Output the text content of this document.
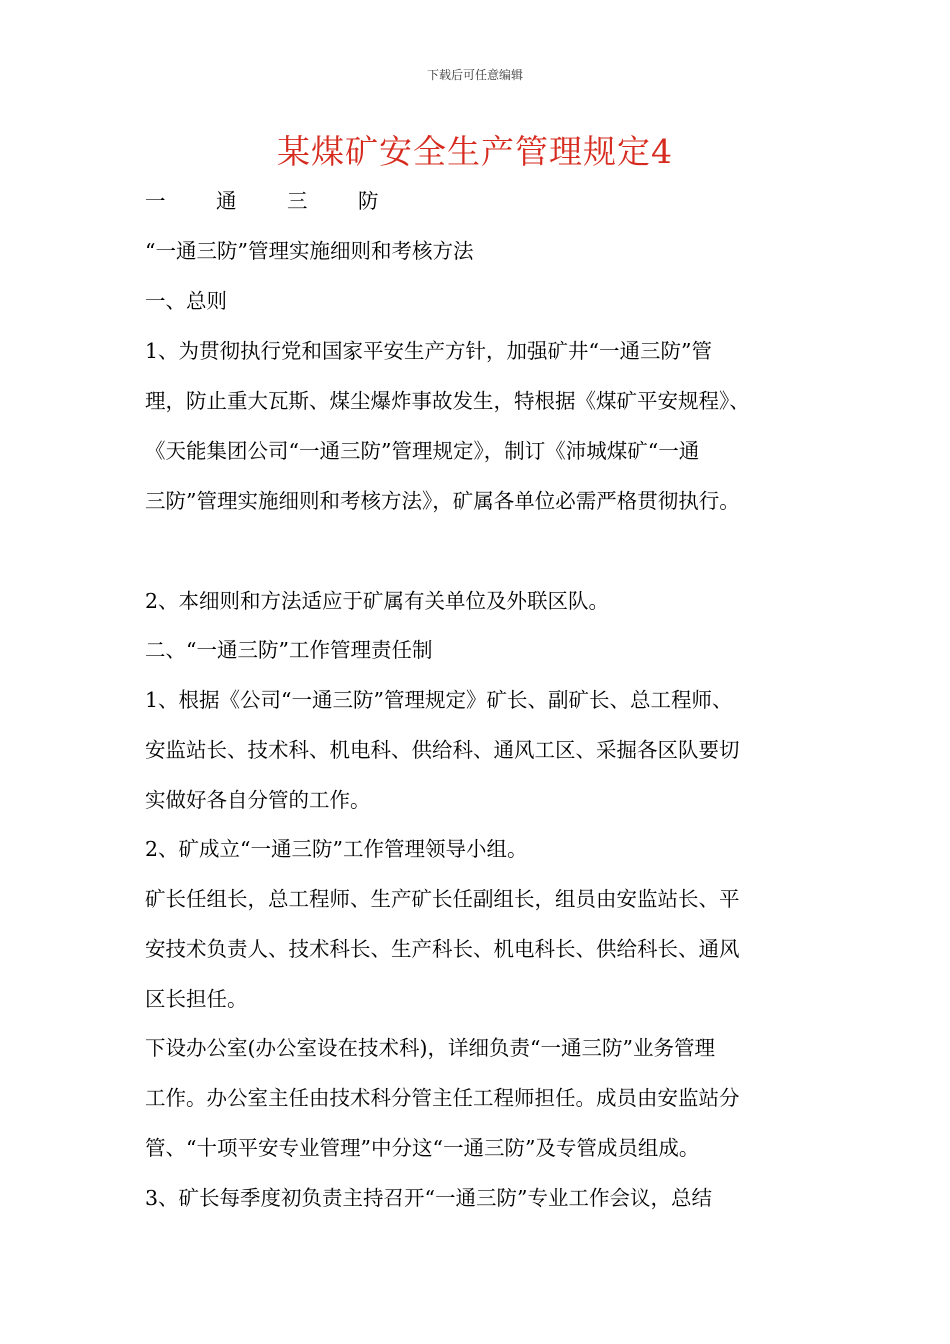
下载后可任意编辑
某煤矿安全生产管理规定4
一 通 三 防
“一通三防”管理实施细则和考核方法
一、总则
1、为贯彻执行党和国家平安生产方针，加强矿井“一通三防”管
理，防止重大瓦斯、煤尘爆炸事故发生，特根据《煤矿平安规程》、
《天能集团公司“一通三防”管理规定》，制订《沛城煤矿“一通
三防”管理实施细则和考核方法》，矿属各单位必需严格贯彻执行。
2、本细则和方法适应于矿属有关单位及外联区队。
二、“一通三防”工作管理责任制
1、根据《公司“一通三防”管理规定》矿长、副矿长、总工程师、
安监站长、技术科、机电科、供给科、通风工区、采掘各区队要切
实做好各自分管的工作。
2、矿成立“一通三防”工作管理领导小组。
矿长任组长，总工程师、生产矿长任副组长，组员由安监站长、平
安技术负责人、技术科长、生产科长、机电科长、供给科长、通风
区长担任。
下设办公室(办公室设在技术科)，详细负责“一通三防”业务管理
工作。办公室主任由技术科分管主任工程师担任。成员由安监站分
管、“十项平安专业管理”中分这“一通三防”及专管成员组成。
3、矿长每季度初负责主持召开“一通三防”专业工作会议，总结
